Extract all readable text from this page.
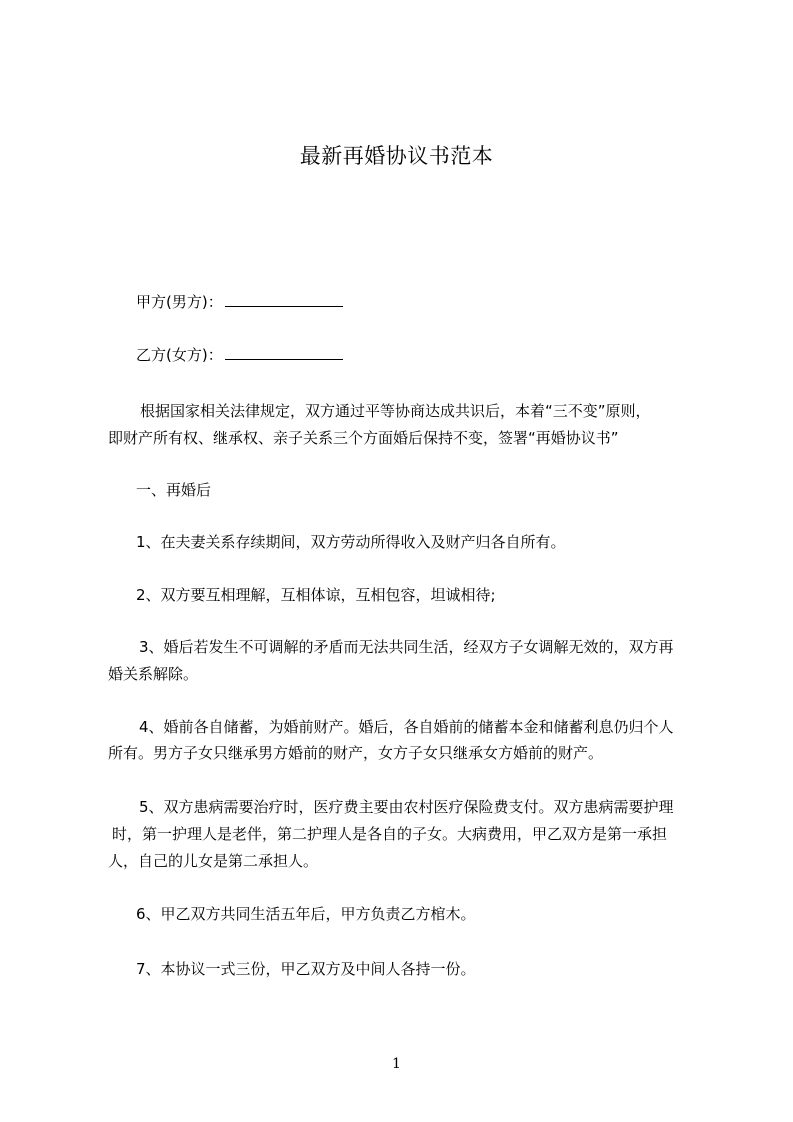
最新再婚协议书范本
甲方(男方)：
乙方(女方)：
根据国家相关法律规定，双方通过平等协商达成共识后，本着“三不变”原则，
即财产所有权、继承权、亲子关系三个方面婚后保持不变，签署“再婚协议书”
一、再婚后
1、在夫妻关系存续期间，双方劳动所得收入及财产归各自所有。
2、双方要互相理解，互相体谅，互相包容，坦诚相待;
3、婚后若发生不可调解的矛盾而无法共同生活，经双方子女调解无效的，双方再
婚关系解除。
4、婚前各自储蓄，为婚前财产。婚后，各自婚前的储蓄本金和储蓄利息仍归个人
所有。男方子女只继承男方婚前的财产，女方子女只继承女方婚前的财产。
5、双方患病需要治疗时，医疗费主要由农村医疗保险费支付。双方患病需要护理
时，第一护理人是老伴，第二护理人是各自的子女。大病费用，甲乙双方是第一承担
人，自己的儿女是第二承担人。
6、甲乙双方共同生活五年后，甲方负责乙方棺木。
7、本协议一式三份，甲乙双方及中间人各持一份。
1
